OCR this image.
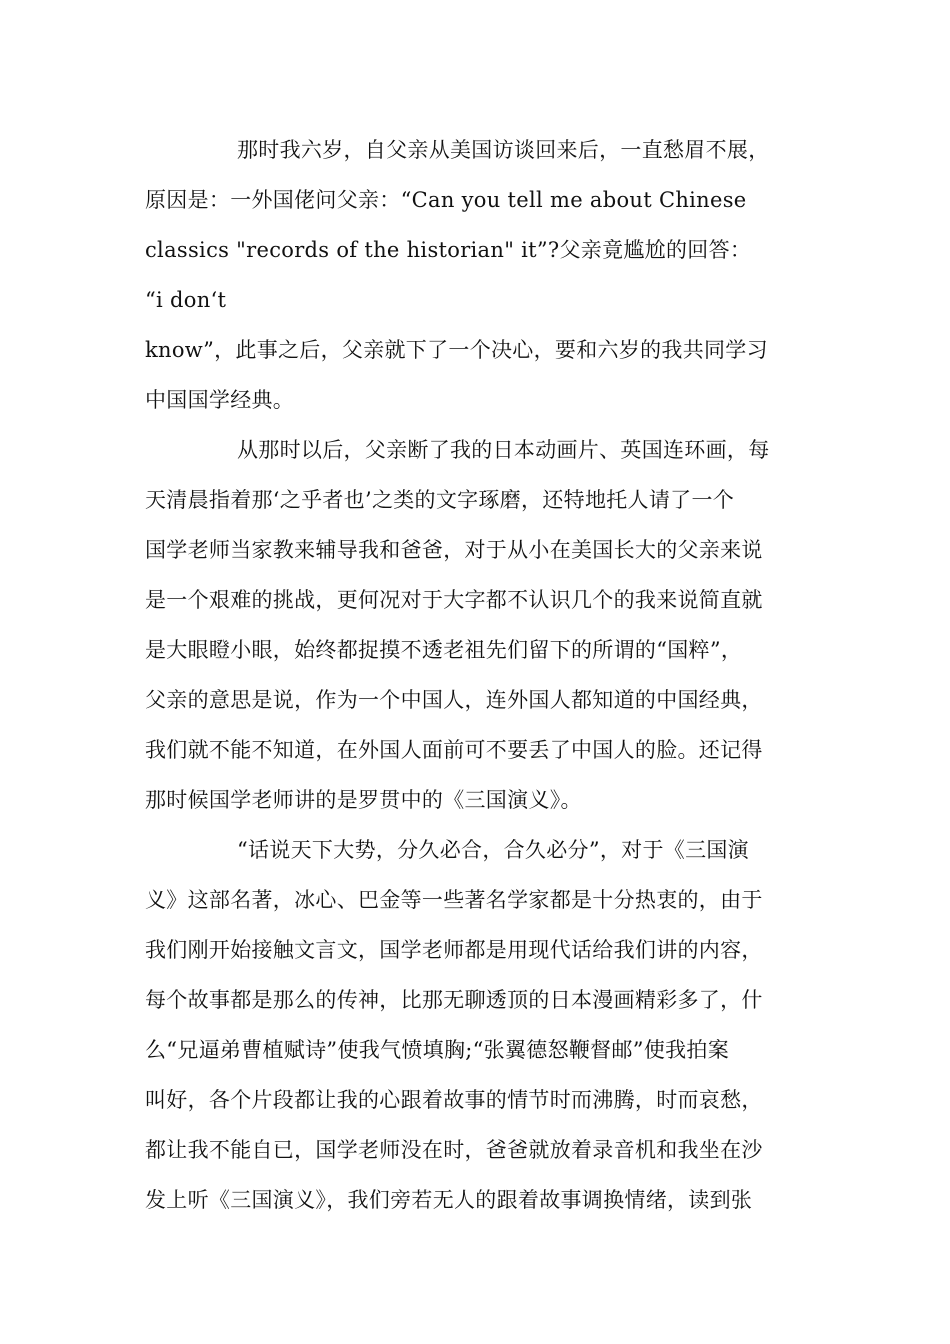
那时我六岁，自父亲从美国访谈回来后，一直愁眉不展，
原因是：一外国佬问父亲：“Can you tell me about Chinese
classics "records of the historian" it”?父亲竟尴尬的回答：
“i don‘t
know”，此事之后，父亲就下了一个决心，要和六岁的我共同学习
中国国学经典。
从那时以后，父亲断了我的日本动画片、英国连环画，每
天清晨指着那‘之乎者也’之类的文字琢磨，还特地托人请了一个
国学老师当家教来辅导我和爸爸，对于从小在美国长大的父亲来说
是一个艰难的挑战，更何况对于大字都不认识几个的我来说简直就
是大眼瞪小眼，始终都捉摸不透老祖先们留下的所谓的“国粹”，
父亲的意思是说，作为一个中国人，连外国人都知道的中国经典，
我们就不能不知道，在外国人面前可不要丢了中国人的脸。还记得
那时候国学老师讲的是罗贯中的《三国演义》。
“话说天下大势，分久必合，合久必分”，对于《三国演
义》这部名著，冰心、巴金等一些著名学家都是十分热衷的，由于
我们刚开始接触文言文，国学老师都是用现代话给我们讲的内容，
每个故事都是那么的传神，比那无聊透顶的日本漫画精彩多了，什
么“兄逼弟曹植赋诗”使我气愤填胸;“张翼德怒鞭督邮”使我拍案
叫好，各个片段都让我的心跟着故事的情节时而沸腾，时而哀愁，
都让我不能自已，国学老师没在时，爸爸就放着录音机和我坐在沙
发上听《三国演义》，我们旁若无人的跟着故事调换情绪，读到张
